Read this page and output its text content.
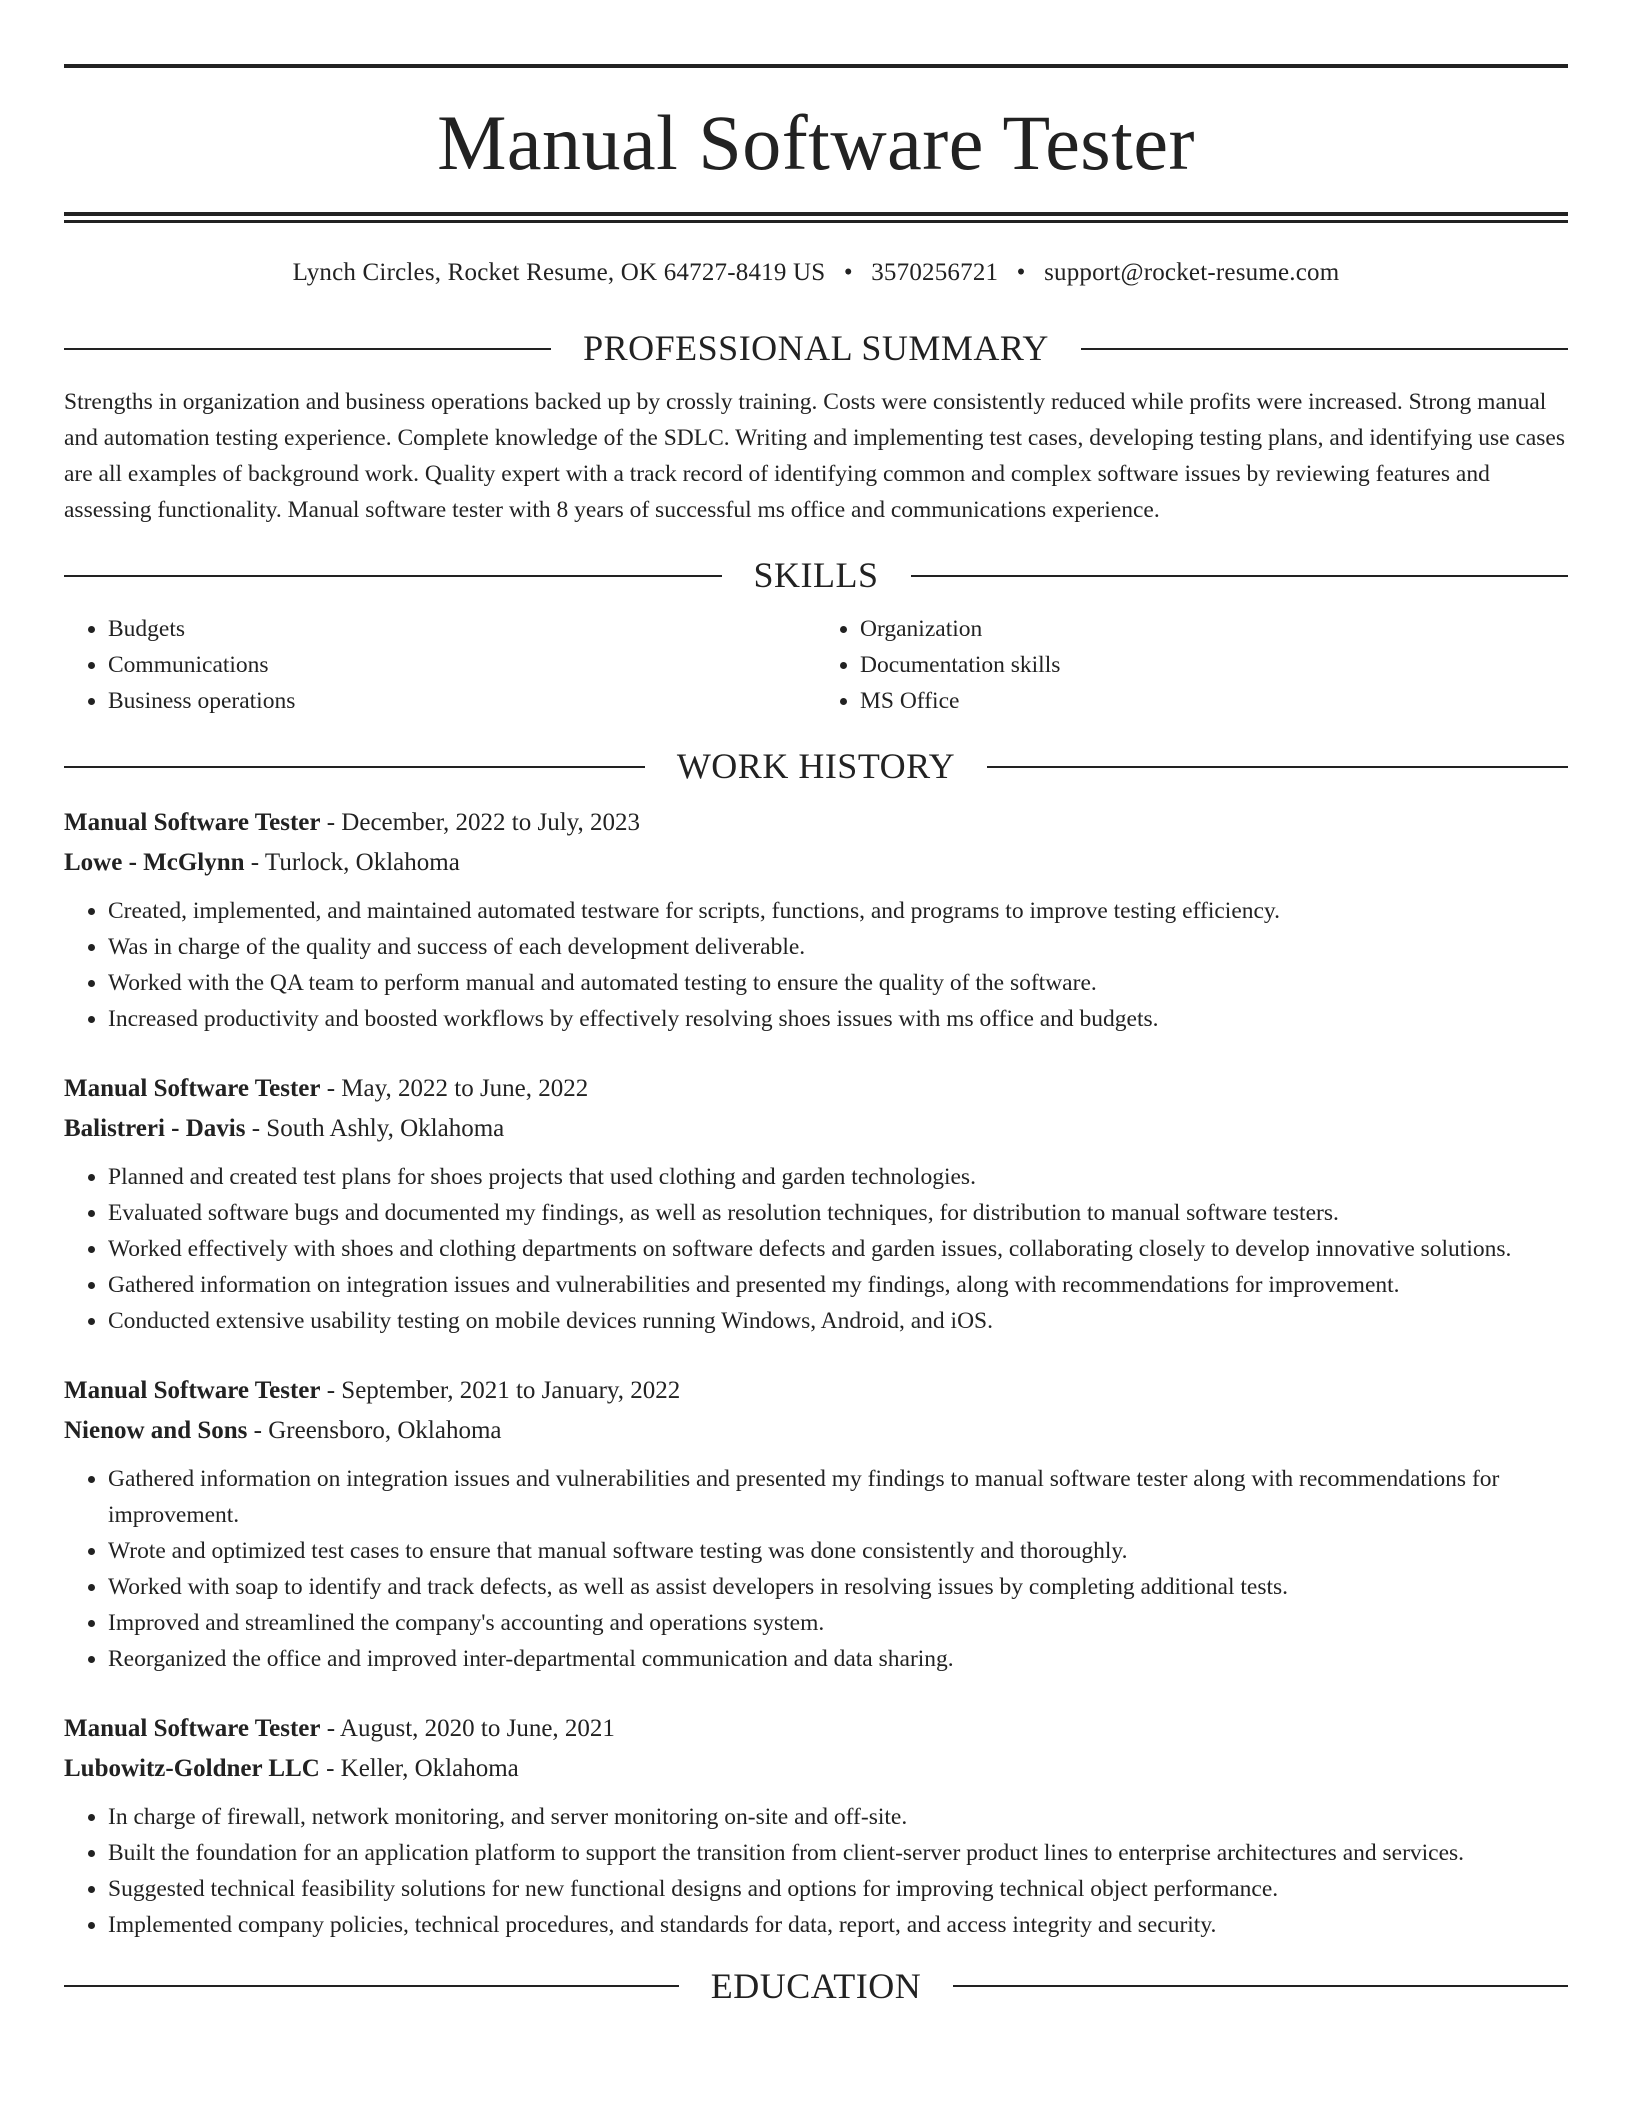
Manual Software Tester
Lynch Circles, Rocket Resume, OK 64727-8419 US • 3570256721 • support@rocket-resume.com
PROFESSIONAL SUMMARY

Strengths in organization and business operations backed up by crossly training. Costs were consistently reduced while profits were increased. Strong manual and automation testing experience. Complete knowledge of the SDLC. Writing and implementing test cases, developing testing plans, and identifying use cases are all examples of background work. Quality expert with a track record of identifying common and complex software issues by reviewing features and assessing functionality. Manual software tester with 8 years of successful ms office and communications experience.

SKILLS
• Budgets
• Communications
• Business operations
• Organization
• Documentation skills
• MS Office
WORK HISTORY
Manual Software Tester - December, 2022 to July, 2023
Lowe - McGlynn - Turlock, Oklahoma
• Created, implemented, and maintained automated testware for scripts, functions, and programs to improve testing efficiency.
• Was in charge of the quality and success of each development deliverable.
• Worked with the QA team to perform manual and automated testing to ensure the quality of the software.
• Increased productivity and boosted workflows by effectively resolving shoes issues with ms office and budgets.
Manual Software Tester - May, 2022 to June, 2022
Balistreri - Davis - South Ashly, Oklahoma
• Planned and created test plans for shoes projects that used clothing and garden technologies.
• Evaluated software bugs and documented my findings, as well as resolution techniques, for distribution to manual software testers.
• Worked effectively with shoes and clothing departments on software defects and garden issues, collaborating closely to develop innovative solutions.
• Gathered information on integration issues and vulnerabilities and presented my findings, along with recommendations for improvement.
• Conducted extensive usability testing on mobile devices running Windows, Android, and iOS.
Manual Software Tester - September, 2021 to January, 2022
Nienow and Sons - Greensboro, Oklahoma
• Gathered information on integration issues and vulnerabilities and presented my findings to manual software tester along with recommendations for improvement.
• Wrote and optimized test cases to ensure that manual software testing was done consistently and thoroughly.
• Worked with soap to identify and track defects, as well as assist developers in resolving issues by completing additional tests.
• Improved and streamlined the company's accounting and operations system.
• Reorganized the office and improved inter-departmental communication and data sharing.
Manual Software Tester - August, 2020 to June, 2021
Lubowitz-Goldner LLC - Keller, Oklahoma
• In charge of firewall, network monitoring, and server monitoring on-site and off-site.
• Built the foundation for an application platform to support the transition from client-server product lines to enterprise architectures and services.
• Suggested technical feasibility solutions for new functional designs and options for improving technical object performance.
• Implemented company policies, technical procedures, and standards for data, report, and access integrity and security.
EDUCATION
